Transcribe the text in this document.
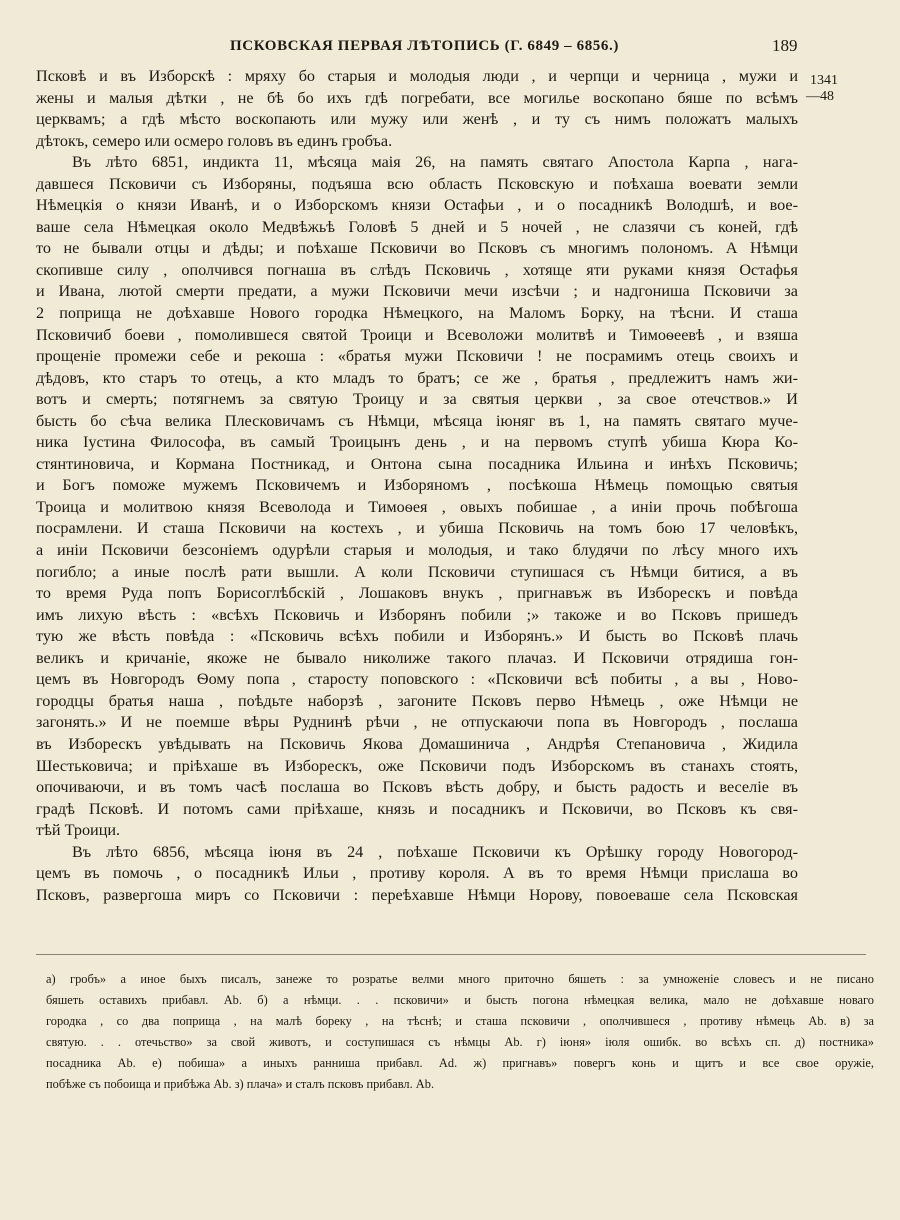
ПСКОВСКАЯ ПЕРВАЯ ЛѢТОПИСЬ (Г. 6849 – 6856.)	189
1341
—48
Псковѣ и въ Изборскѣ : мряху бо старыя и молодыя люди , и черпци и черница , мужи и
жены и малыя дѣтки , не бѣ бо ихъ гдѣ погребати, все могилье воскопано бяше по всѣмъ
церквамъ; а гдѣ мѣсто воскопають или мужу или женѣ , и ту съ нимъ положатъ малыхъ
дѣтокъ, семеро или осмеро головъ въ единъ гробъа.
Въ лѣто 6851, индикта 11, мѣсяца маія 26, на память святаго Апостола Карпа , нага-
давшеся Псковичи съ Изборяны, подъяша всю область Псковскую и поѣхаша воевати земли
Нѣмецкія о князи Иванѣ, и о Изборскомъ князи Остафьи , и о посадникѣ Володшѣ, и вое-
ваше села Нѣмецкая около Медвѣжьѣ Головѣ 5 дней и 5 ночей , не слазячи съ коней, гдѣ
то не бывали отцы и дѣды; и поѣхаше Псковичи во Псковъ съ многимъ полономъ. А Нѣмци
скопивше силу , ополчився погнаша въ слѣдъ Псковичь , хотяще яти руками князя Остафья
и Ивана, лютой смерти предати, а мужи Псковичи мечи изсѣчи ; и надгониша Псковичи за
2 поприща не доѣхавше Нового городка Нѣмецкого, на Маломъ Борку, на тѣсни. И сташа
Псковичиб боеви , помолившеся святой Троици и Всеволожи молитвѣ и Тимоѳеевѣ , и взяша
прощеніе промежи себе и рекоша : «братья мужи Псковичи ! не посрамимъ отець своихъ и
дѣдовъ, кто старъ то отець, а кто младъ то братъ; се же , братья , предлежитъ намъ жи-
вотъ и смерть; потягнемъ за святую Троицу и за святыя церкви , за свое отечствов.» И
бысть бо сѣча велика Плесковичамъ съ Нѣмци, мѣсяца іюняг въ 1, на память святаго муче-
ника Іустина Философа, въ самый Троицынъ день , и на первомъ ступѣ убиша Кюра Ко-
стянтиновича, и Кормана Постникад, и Онтона сына посадника Ильина и инѣхъ Псковичь;
и Богъ поможе мужемъ Псковичемъ и Изборяномъ , посѣкоша Нѣмець помощью святыя
Троица и молитвою князя Всеволода и Тимоѳея , овыхъ побишае , а иніи прочь побѣгоша
посрамлени. И сташа Псковичи на костехъ , и убиша Псковичь на томъ бою 17 человѣкъ,
а иніи Псковичи безсоніемъ одурѣли старыя и молодыя, и тако блудячи по лѣсу много ихъ
погибло; а иные послѣ рати вышли. А коли Псковичи ступишася съ Нѣмци битися, а въ
то время Руда попъ Борисоглѣбскій , Лошаковъ внукъ , пригнавъж въ Изборескъ и повѣда
имъ лихую вѣсть : «всѣхъ Псковичь и Изборянъ побили ;» такоже и во Псковъ пришедъ
тую же вѣсть повѣда : «Псковичь всѣхъ побили и Изборянъ.» И бысть во Псковѣ плачь
великъ и кричаніе, якоже не бывало николиже такого плачаз. И Псковичи отрядиша гон-
цемъ въ Новгородъ Ѳому попа , старосту поповского : «Псковичи всѣ побиты , а вы , Ново-
городцы братья наша , поѣдьте наборзѣ , загоните Псковъ перво Нѣмець , оже Нѣмци не
загонять.» И не поемше вѣры Руднинѣ рѣчи , не отпускаючи попа въ Новгородъ , послаша
въ Изборескъ увѣдывать на Псковичь Якова Домашинича , Андрѣя Степановича , Жидила
Шестьковича; и пріѣхаше въ Изборескъ, оже Псковичи подъ Изборскомъ въ станахъ стоять,
опочиваючи, и въ томъ часѣ послаша во Псковъ вѣсть добру, и бысть радость и веселіе въ
градѣ Псковѣ. И потомъ сами пріѣхаше, князь и посадникъ и Псковичи, во Псковъ къ свя-
тѣй Троици.
Въ лѣто 6856, мѣсяца іюня въ 24 , поѣхаше Псковичи къ Орѣшку городу Новогород-
цемъ въ помочь , о посадникѣ Ильи , противу короля. А въ то время Нѣмци прислаша во
Псковъ, развергоша миръ со Псковичи : переѣхавше Нѣмци Норову, повоеваше села Псковская
а) гробъ» а иное быхъ писалъ, занеже то розратье велми много приточно бяшеть : за умноженіе словесъ и не писано
бяшеть оставихъ прибавл. Аb. б) а нѣмци. . . псковичи» и бысть погона нѣмецкая велика, мало не доѣхавше новаго
городка , со два поприща , на малѣ бореку , на тѣснѣ; и сташа псковичи , ополчившеся , противу нѣмець Аb. в) за
святую. . . отечьство» за свой животъ, и соступишася съ нѣмцы Аb. г) іюня» іюля ошибк. во всѣхъ сп. д) постника»
посадника Аb. е) побиша» а иныхъ ранниша прибавл. Аd. ж) пригнавъ» повергъ конь и щитъ и все свое оружіе,
побѣже съ побоища и прибѣжа Аb. з) плача» и сталъ псковъ прибавл. Аb.
